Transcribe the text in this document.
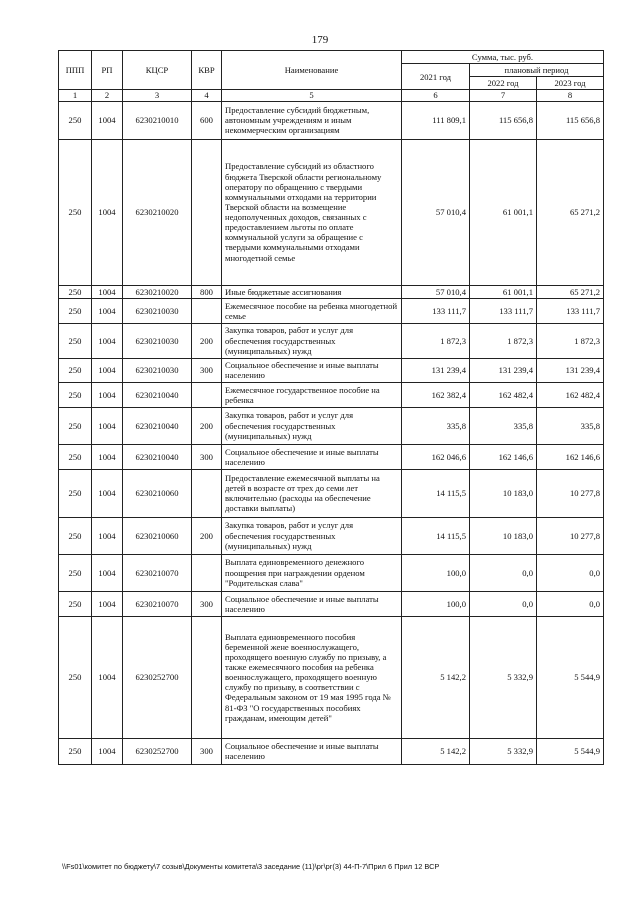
179
ППП	РП	КЦСР	КВР	Наименование	Сумма, тыс. руб.		
					2021 год	плановый период	
						2022 год	2023 год
1	2	3	4	5	6	7	8
250	1004	6230210010	600	Предоставление субсидий бюджетным, автономным учреждениям и иным некоммерческим организациям	111 809,1	115 656,8	115 656,8
250	1004	6230210020		Предоставление субсидий из областного бюджета Тверской области региональному оператору по обращению с твердыми коммунальными отходами на территории Тверской области на возмещение недополученных доходов, связанных с предоставлением льготы по оплате коммунальной услуги за обращение с твердыми коммунальными отходами многодетной семье	57 010,4	61 001,1	65 271,2
250	1004	6230210020	800	Иные бюджетные ассигнования	57 010,4	61 001,1	65 271,2
250	1004	6230210030		Ежемесячное пособие на ребенка многодетной семье	133 111,7	133 111,7	133 111,7
250	1004	6230210030	200	Закупка товаров, работ и услуг для обеспечения государственных (муниципальных) нужд	1 872,3	1 872,3	1 872,3
250	1004	6230210030	300	Социальное обеспечение и иные выплаты населению	131 239,4	131 239,4	131 239,4
250	1004	6230210040		Ежемесячное государственное пособие на ребенка	162 382,4	162 482,4	162 482,4
250	1004	6230210040	200	Закупка товаров, работ и услуг для обеспечения государственных (муниципальных) нужд	335,8	335,8	335,8
250	1004	6230210040	300	Социальное обеспечение и иные выплаты населению	162 046,6	162 146,6	162 146,6
250	1004	6230210060		Предоставление ежемесячной выплаты на детей в возрасте от трех до семи лет включительно (расходы на обеспечение доставки выплаты)	14 115,5	10 183,0	10 277,8
250	1004	6230210060	200	Закупка товаров, работ и услуг для обеспечения государственных (муниципальных) нужд	14 115,5	10 183,0	10 277,8
250	1004	6230210070		Выплата единовременного денежного поощрения при награждении орденом "Родительская слава"	100,0	0,0	0,0
250	1004	6230210070	300	Социальное обеспечение и иные выплаты населению	100,0	0,0	0,0
250	1004	6230252700		Выплата единовременного пособия беременной жене военнослужащего, проходящего военную службу по призыву, а также ежемесячного пособия на ребенка военнослужащего, проходящего военную службу по призыву, в соответствии с Федеральным законом от 19 мая 1995 года № 81-ФЗ "О государственных пособиях гражданам, имеющим детей"	5 142,2	5 332,9	5 544,9
250	1004	6230252700	300	Социальное обеспечение и иные выплаты населению	5 142,2	5 332,9	5 544,9
\\Fs01\комитет по бюджету\7 созыв\Документы комитета\3 заседание (11)\рг\рг(3) 44-П-7\Прил 6 Прил 12 ВСР
